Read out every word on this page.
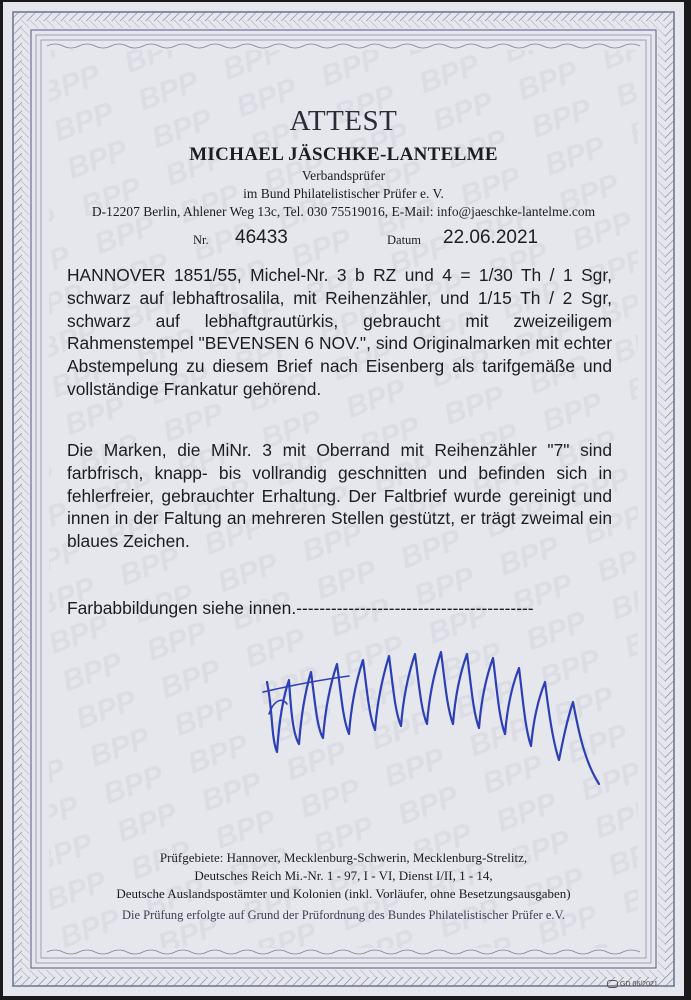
ATTEST
MICHAEL JÄSCHKE-LANTELME
Verbandsprüfer
im Bund Philatelistischer Prüfer e. V.
D-12207 Berlin, Ahlener Weg 13c, Tel. 030 75519016, E-Mail: info@jaeschke-lantelme.com
Nr. 46433	Datum 22.06.2021
HANNOVER 1851/55, Michel-Nr. 3 b RZ und 4 = 1/30 Th / 1 Sgr, schwarz auf lebhaftrosalila, mit Reihenzähler, und 1/15 Th / 2 Sgr, schwarz auf lebhaftgrautürkis, gebraucht mit zweizeiligem Rahmenstempel "BEVENSEN 6 NOV.", sind Originalmarken mit echter Abstempelung zu diesem Brief nach Eisenberg als tarifgemäße und vollständige Frankatur gehörend.
Die Marken, die MiNr. 3 mit Oberrand mit Reihenzähler "7" sind farbfrisch, knapp- bis vollrandig geschnitten und befinden sich in fehlerfreier, gebrauchter Erhaltung. Der Faltbrief wurde gereinigt und innen in der Faltung an mehreren Stellen gestützt, er trägt zweimal ein blaues Zeichen.
Farbabbildungen siehe innen.-----------------------------------------
Prüfgebiete: Hannover, Mecklenburg-Schwerin, Mecklenburg-Strelitz,
Deutsches Reich Mi.-Nr. 1 - 97, I - VI, Dienst I/II, 1 - 14,
Deutsche Auslandspostämter und Kolonien (inkl. Vorläufer, ohne Besetzungsausgaben)
Die Prüfung erfolgte auf Grund der Prüfordnung des Bundes Philatelistischer Prüfer e.V.
GD 06/2021
